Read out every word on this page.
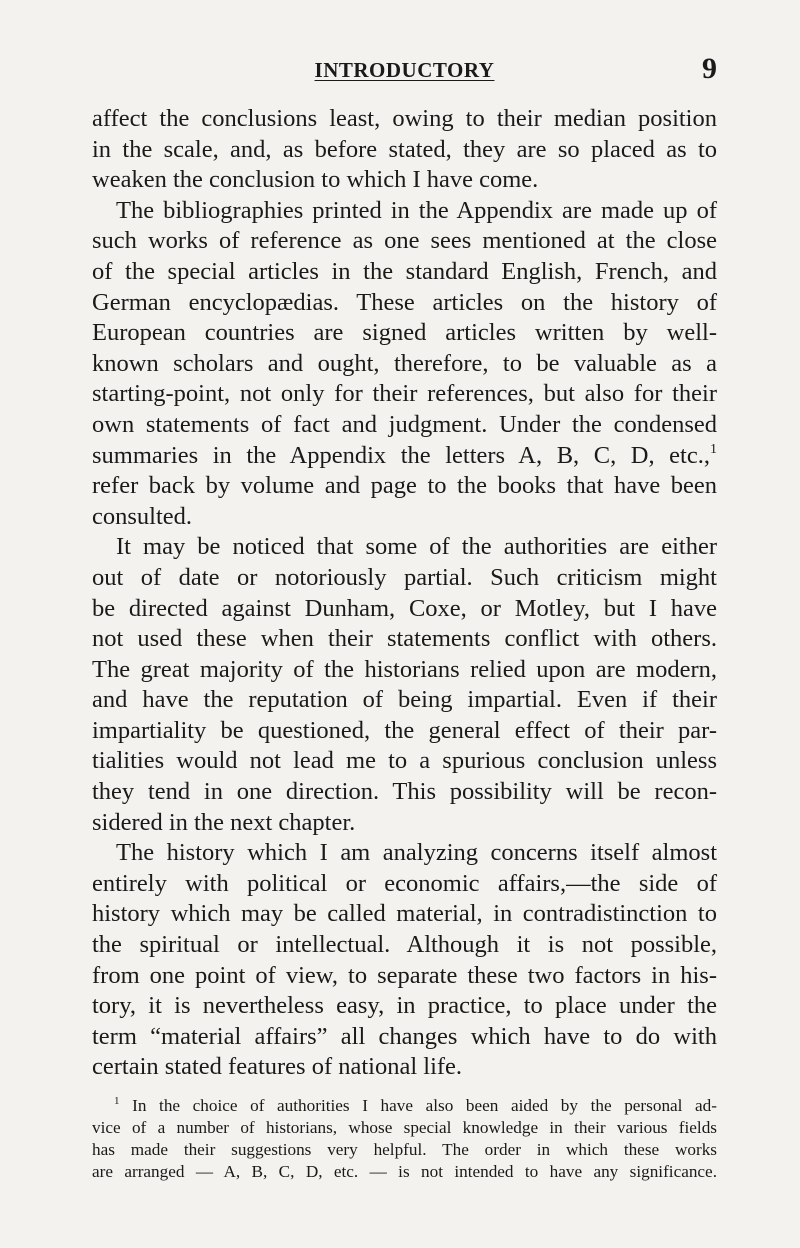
INTRODUCTORY	9
affect the conclusions least, owing to their median position
in the scale, and, as before stated, they are so placed as to
weaken the conclusion to which I have come.
The bibliographies printed in the Appendix are made up of
such works of reference as one sees mentioned at the close
of the special articles in the standard English, French, and
German encyclopædias. These articles on the history of
European countries are signed articles written by well-
known scholars and ought, therefore, to be valuable as a
starting-point, not only for their references, but also for their
own statements of fact and judgment. Under the condensed
summaries in the Appendix the letters A, B, C, D, etc.,$^1$
refer back by volume and page to the books that have been
consulted.
It may be noticed that some of the authorities are either
out of date or notoriously partial. Such criticism might
be directed against Dunham, Coxe, or Motley, but I have
not used these when their statements conflict with others.
The great majority of the historians relied upon are modern,
and have the reputation of being impartial. Even if their
impartiality be questioned, the general effect of their par-
tialities would not lead me to a spurious conclusion unless
they tend in one direction. This possibility will be recon-
sidered in the next chapter.
The history which I am analyzing concerns itself almost
entirely with political or economic affairs,—the side of
history which may be called material, in contradistinction to
the spiritual or intellectual. Although it is not possible,
from one point of view, to separate these two factors in his-
tory, it is nevertheless easy, in practice, to place under the
term “material affairs” all changes which have to do with
certain stated features of national life.
$^1$ In the choice of authorities I have also been aided by the personal ad-
vice of a number of historians, whose special knowledge in their various fields
has made their suggestions very helpful. The order in which these works
are arranged — A, B, C, D, etc. — is not intended to have any significance.
